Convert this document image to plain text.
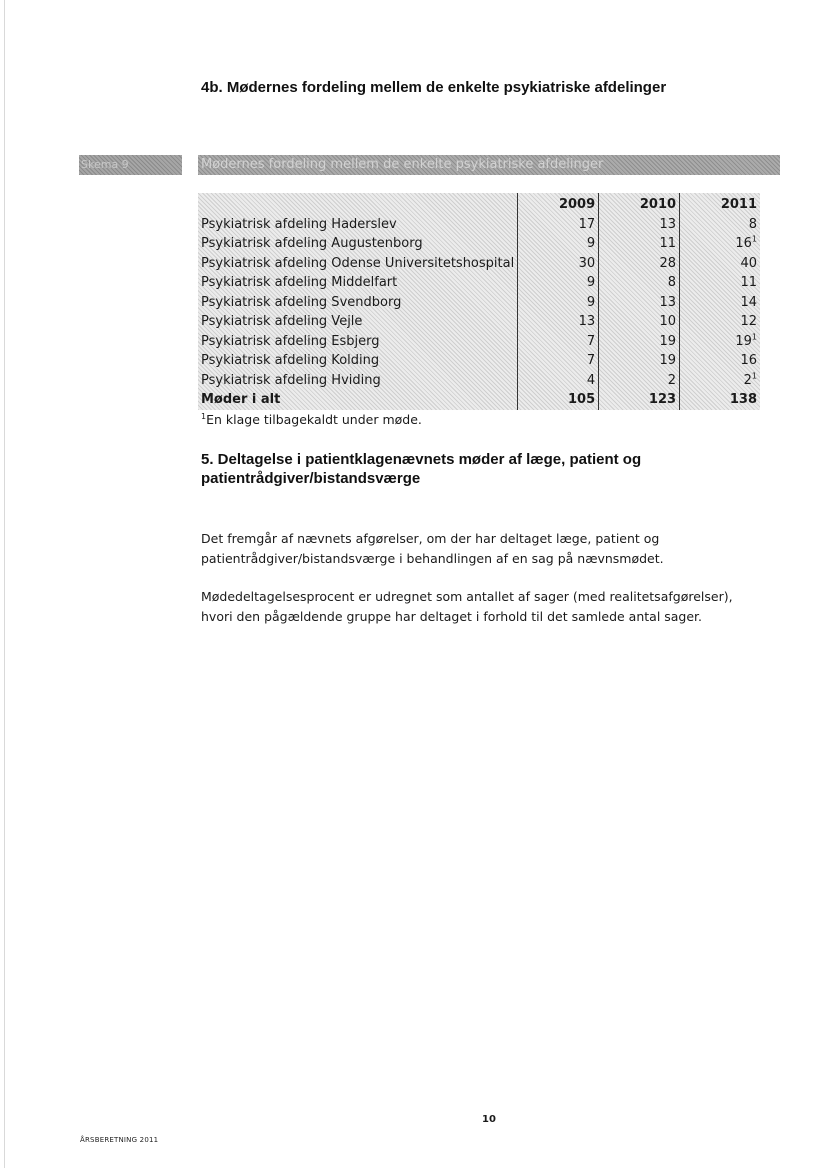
4b. Mødernes fordeling mellem de enkelte psykiatriske afdelinger
Skema 9	Mødernes fordeling mellem de enkelte psykiatriske afdelinger
	2009	2010	2011
Psykiatrisk afdeling Haderslev	17	13	8
Psykiatrisk afdeling Augustenborg	9	11	$16^1$
Psykiatrisk afdeling Odense Universitetshospital	30	28	40
Psykiatrisk afdeling Middelfart	9	8	11
Psykiatrisk afdeling Svendborg	9	13	14
Psykiatrisk afdeling Vejle	13	10	12
Psykiatrisk afdeling Esbjerg	7	19	$19^1$
Psykiatrisk afdeling Kolding	7	19	16
Psykiatrisk afdeling Hviding	4	2	$2^1$
Møder i alt	105	123	138

$^1$En klage tilbagekaldt under møde.

5. Deltagelse i patientklagenævnets møder af læge, patient og patientrådgiver/bistandsværge

Det fremgår af nævnets afgørelser, om der har deltaget læge, patient og patientrådgiver/bistandsværge i behandlingen af en sag på nævnsmødet.

Mødedeltagelsesprocent er udregnet som antallet af sager (med realitetsafgørelser), hvori den pågældende gruppe har deltaget i forhold til det samlede antal sager.

10
ÅRSBERETNING 2011
